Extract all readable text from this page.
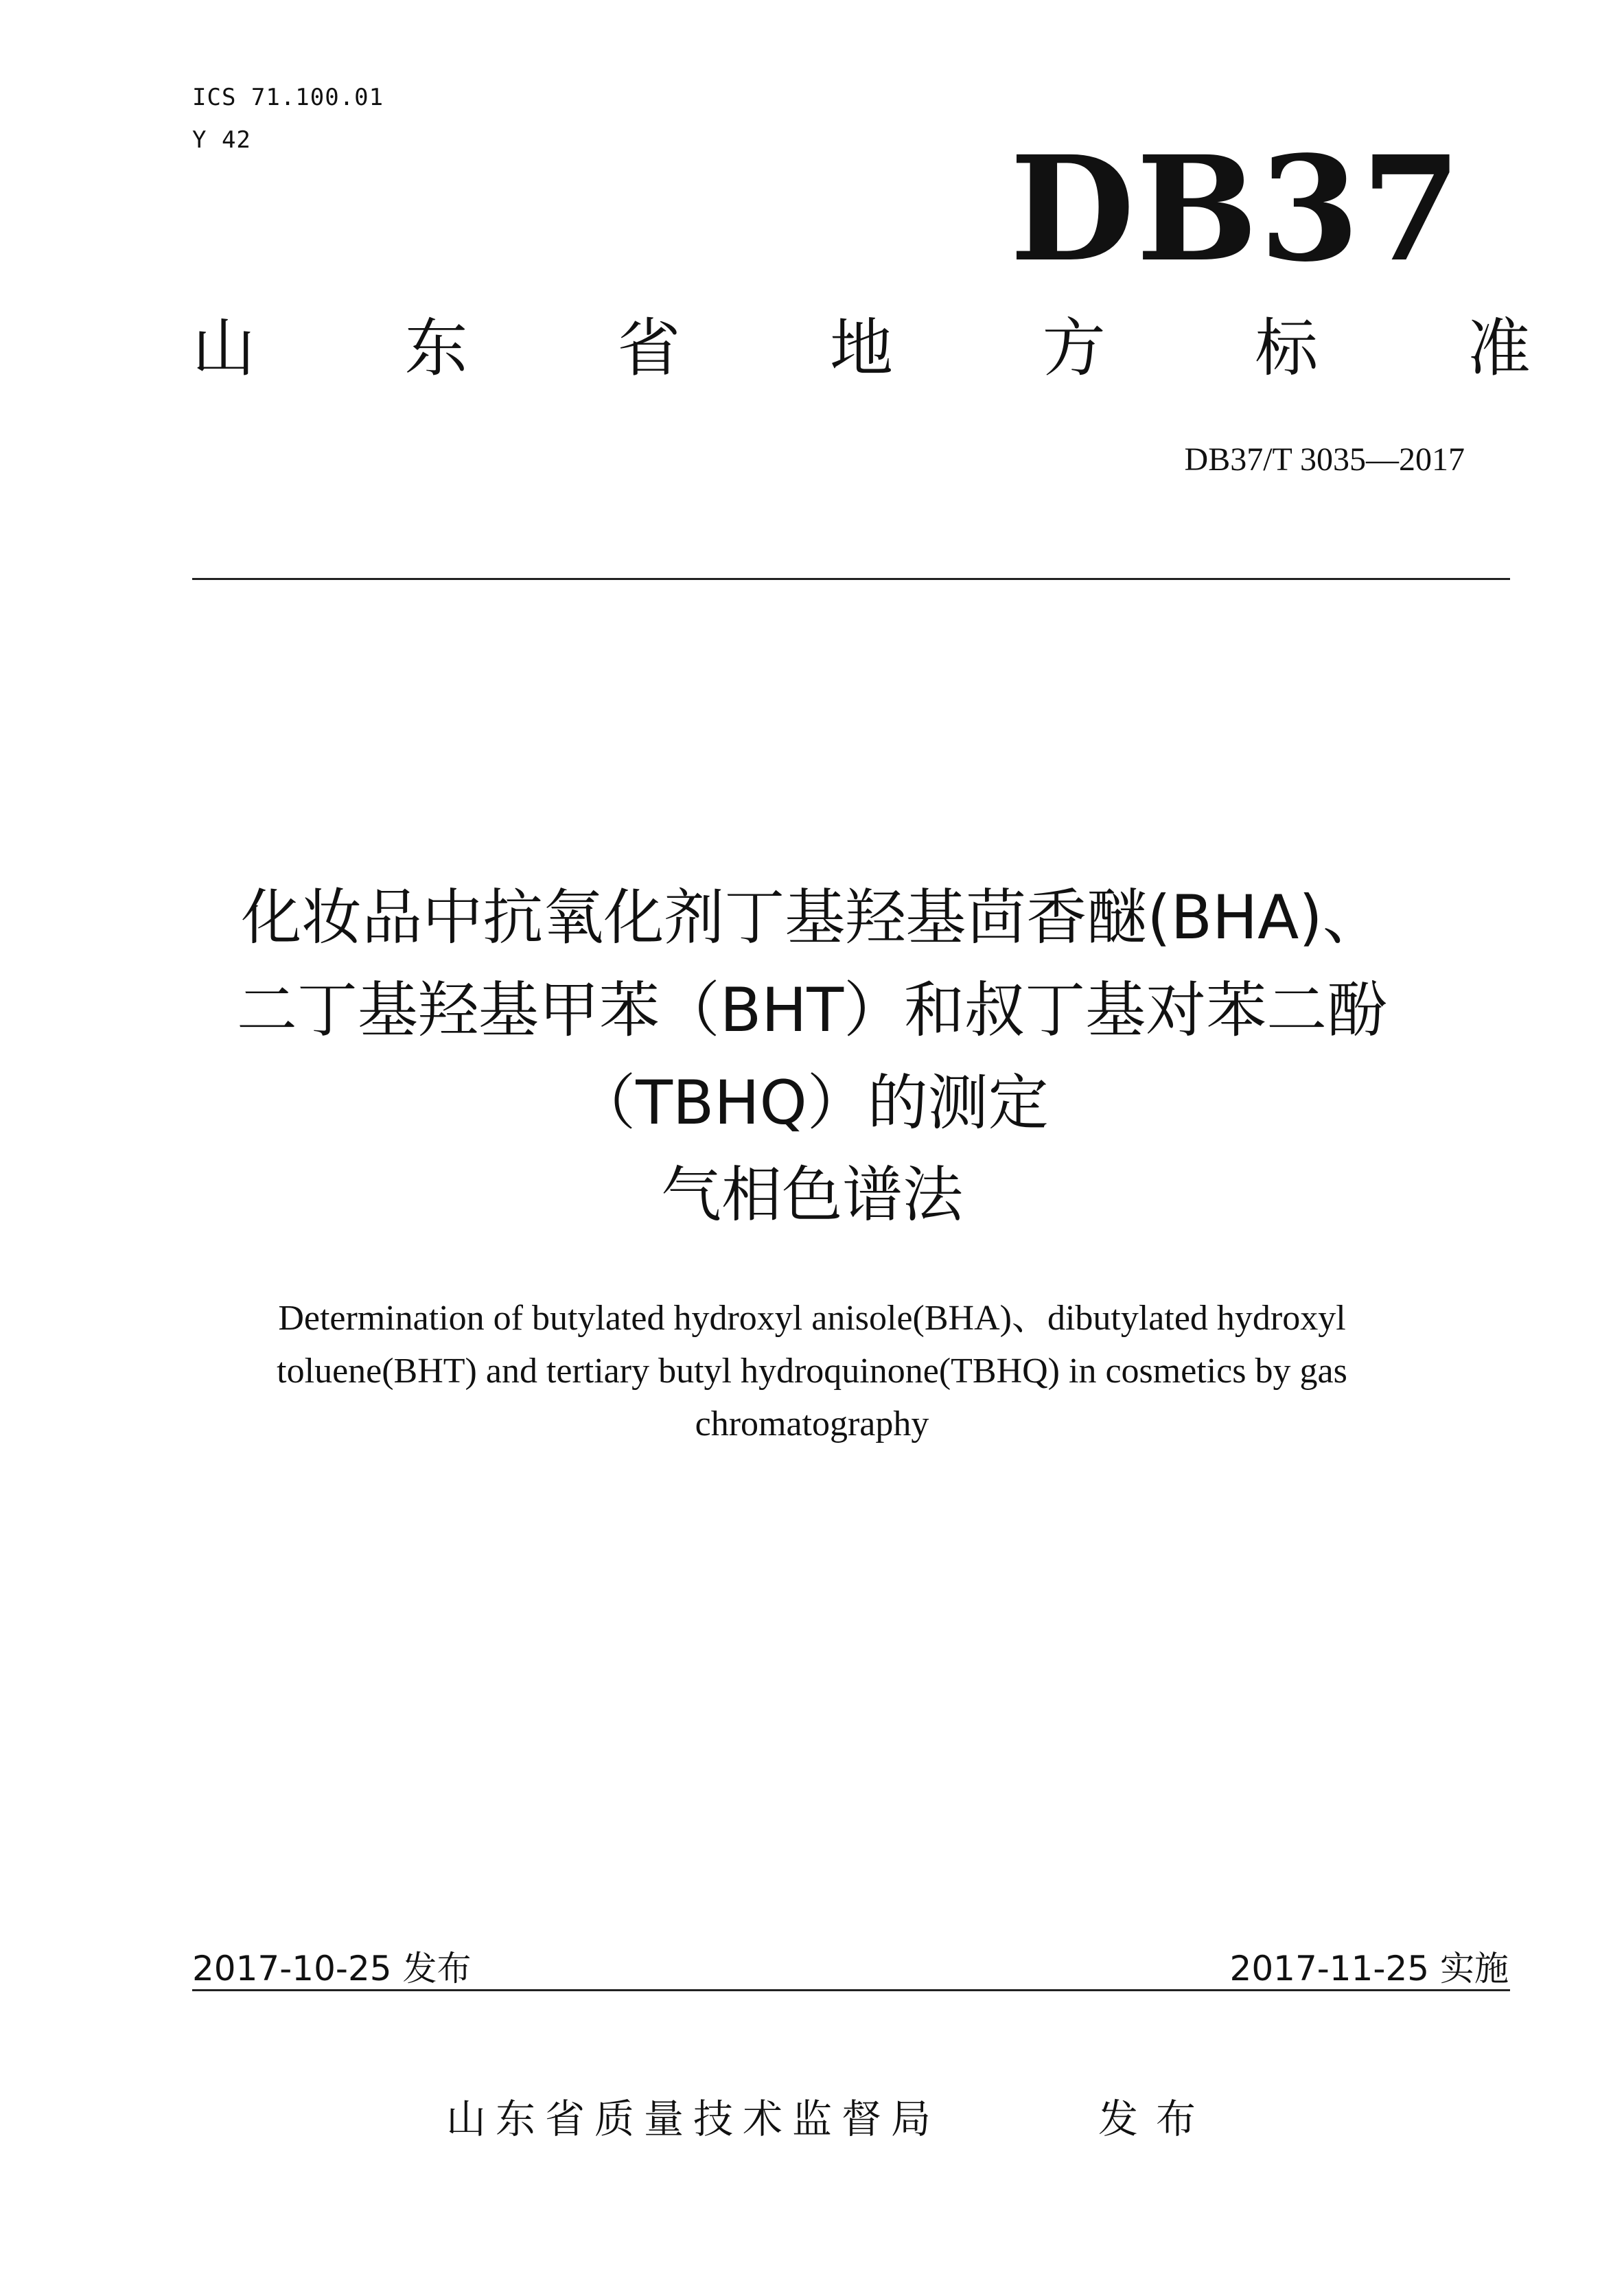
ICS 71.100.01
Y 42	DB37
山 东 省 地 方 标 准
DB37/T 3035—2017
化妆品中抗氧化剂丁基羟基茴香醚(BHA)、
二丁基羟基甲苯（BHT）和叔丁基对苯二酚
（TBHQ）的测定
气相色谱法
Determination of butylated hydroxyl anisole(BHA)、dibutylated hydroxyl
toluene(BHT) and tertiary butyl hydroquinone(TBHQ) in cosmetics by gas
chromatography
2017-10-25 发布	2017-11-25 实施
山东省质量技术监督局	发布
